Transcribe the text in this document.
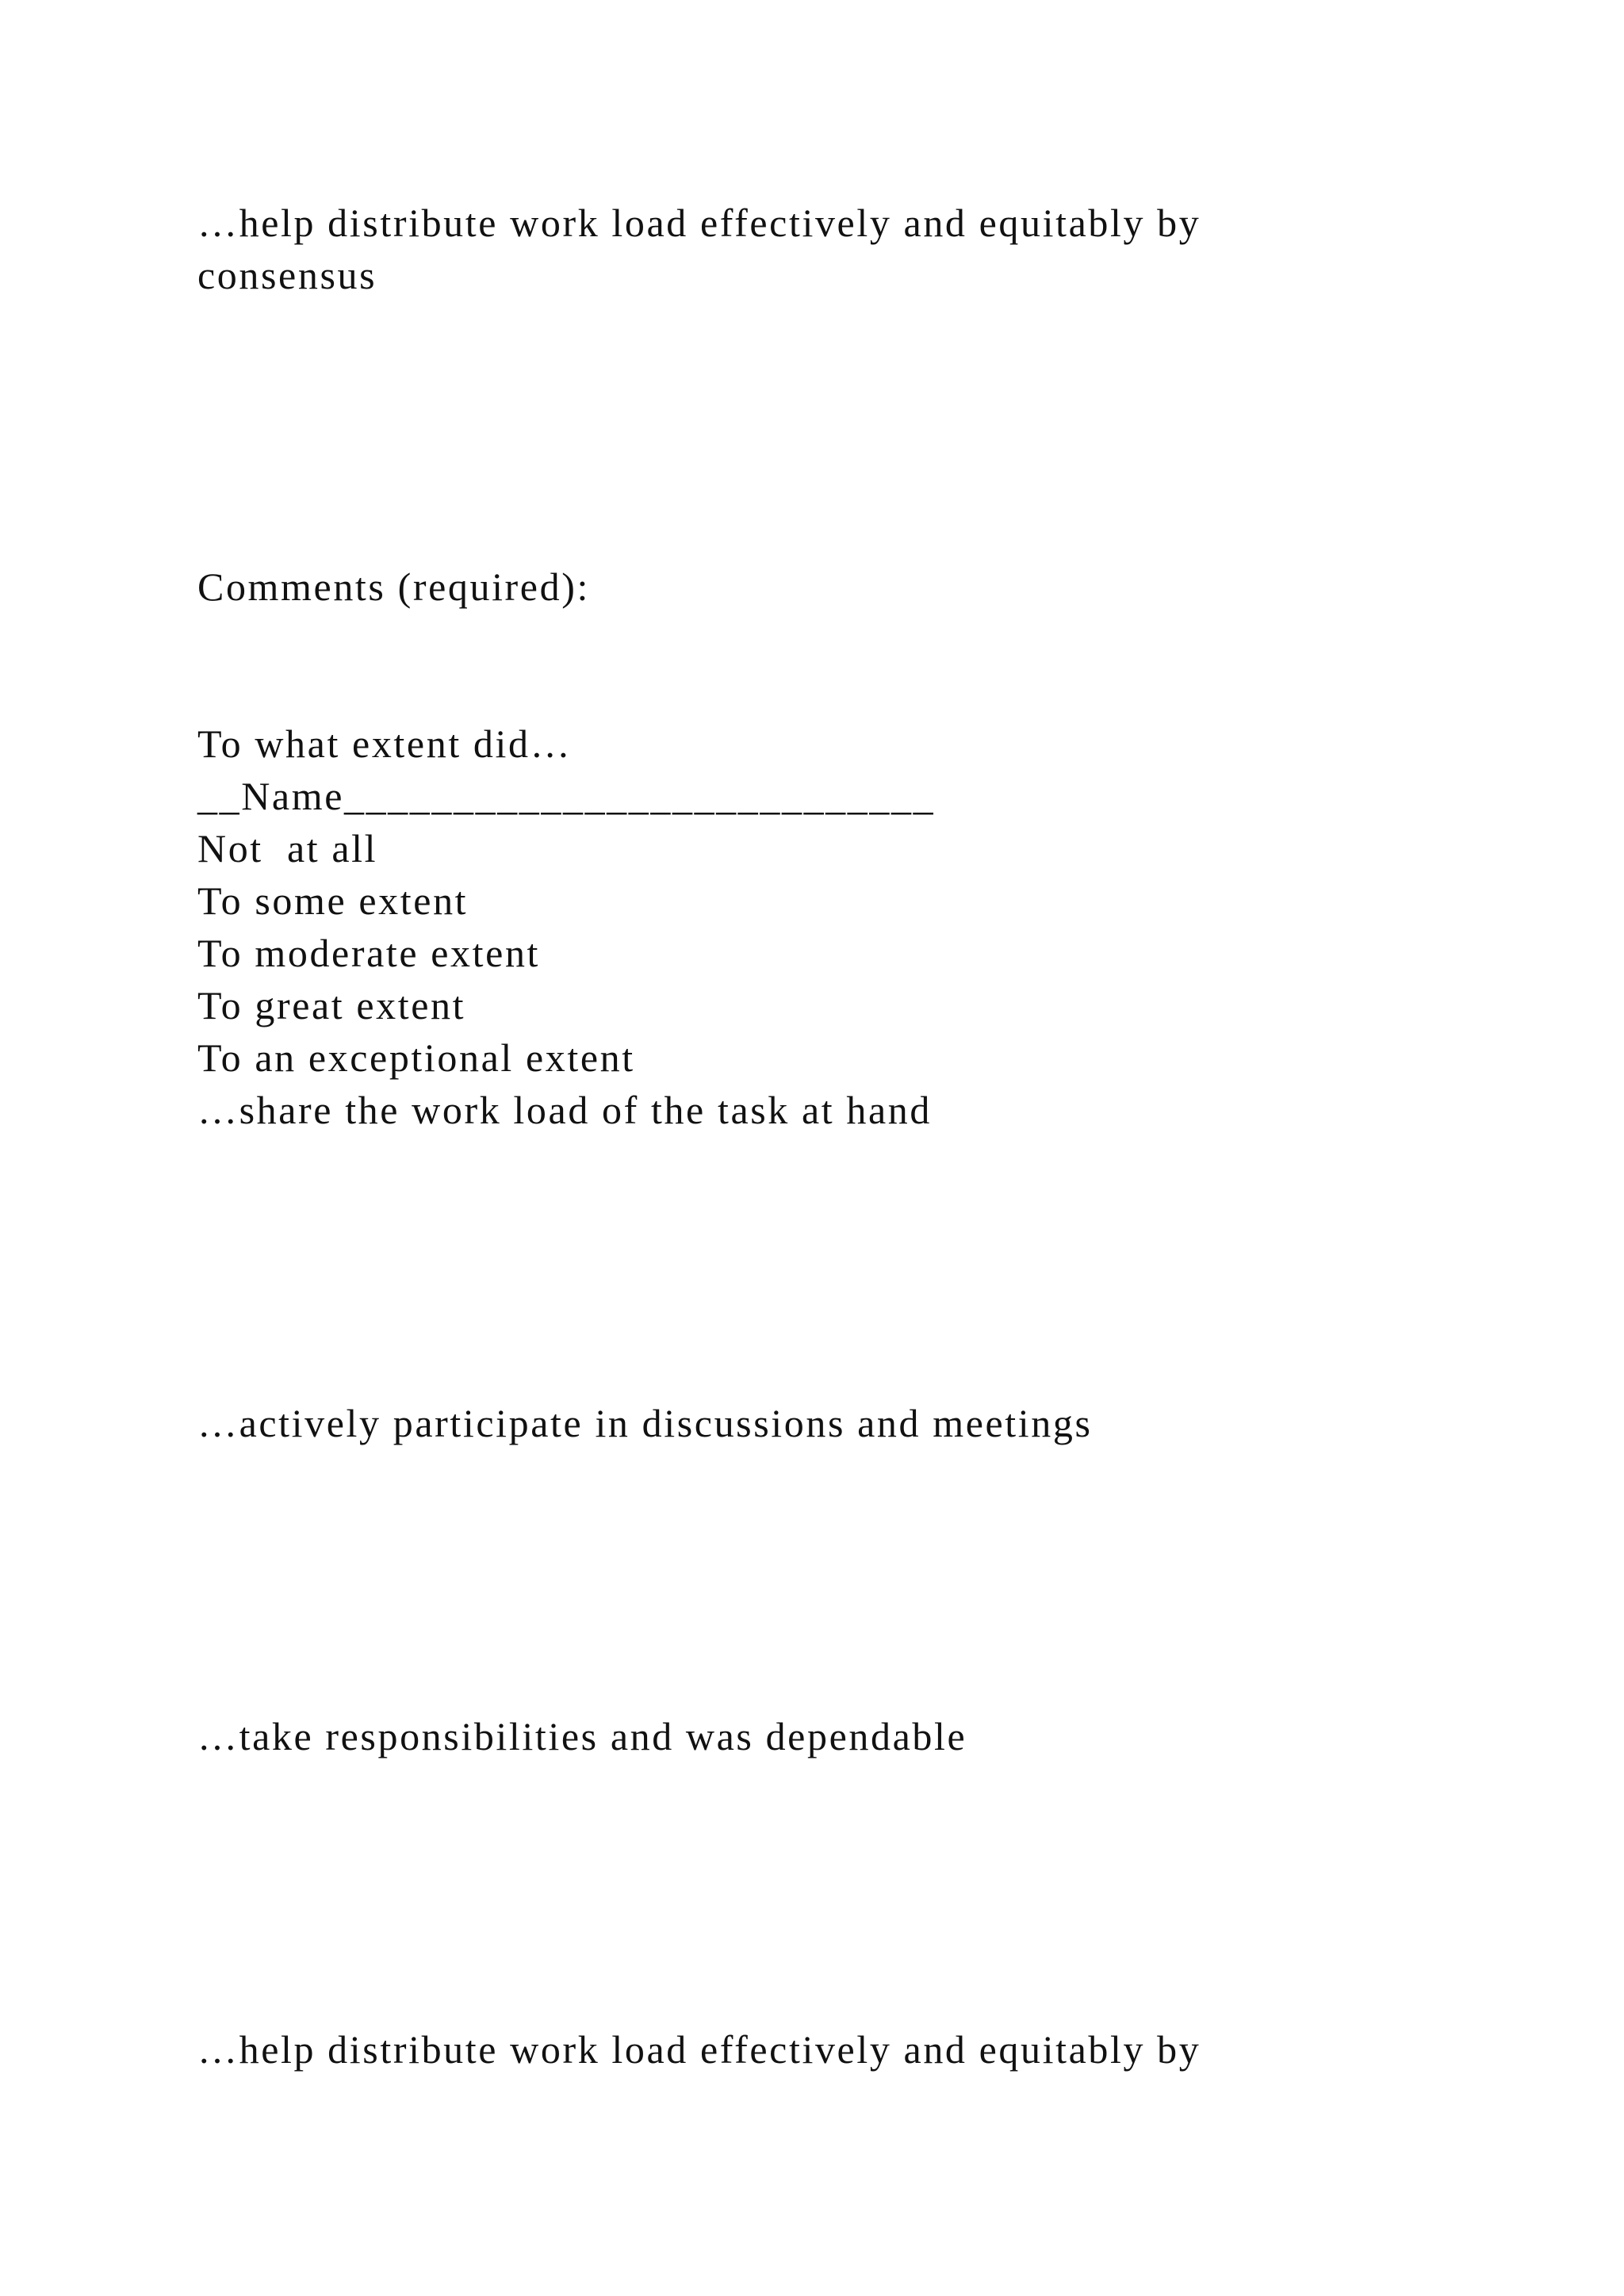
…help distribute work load effectively and equitably by

consensus

Comments (required):

To what extent did…

__Name___________________________

Not  at all

To some extent

To moderate extent

To great extent

To an exceptional extent

…share the work load of the task at hand

…actively participate in discussions and meetings

…take responsibilities and was dependable

…help distribute work load effectively and equitably by
